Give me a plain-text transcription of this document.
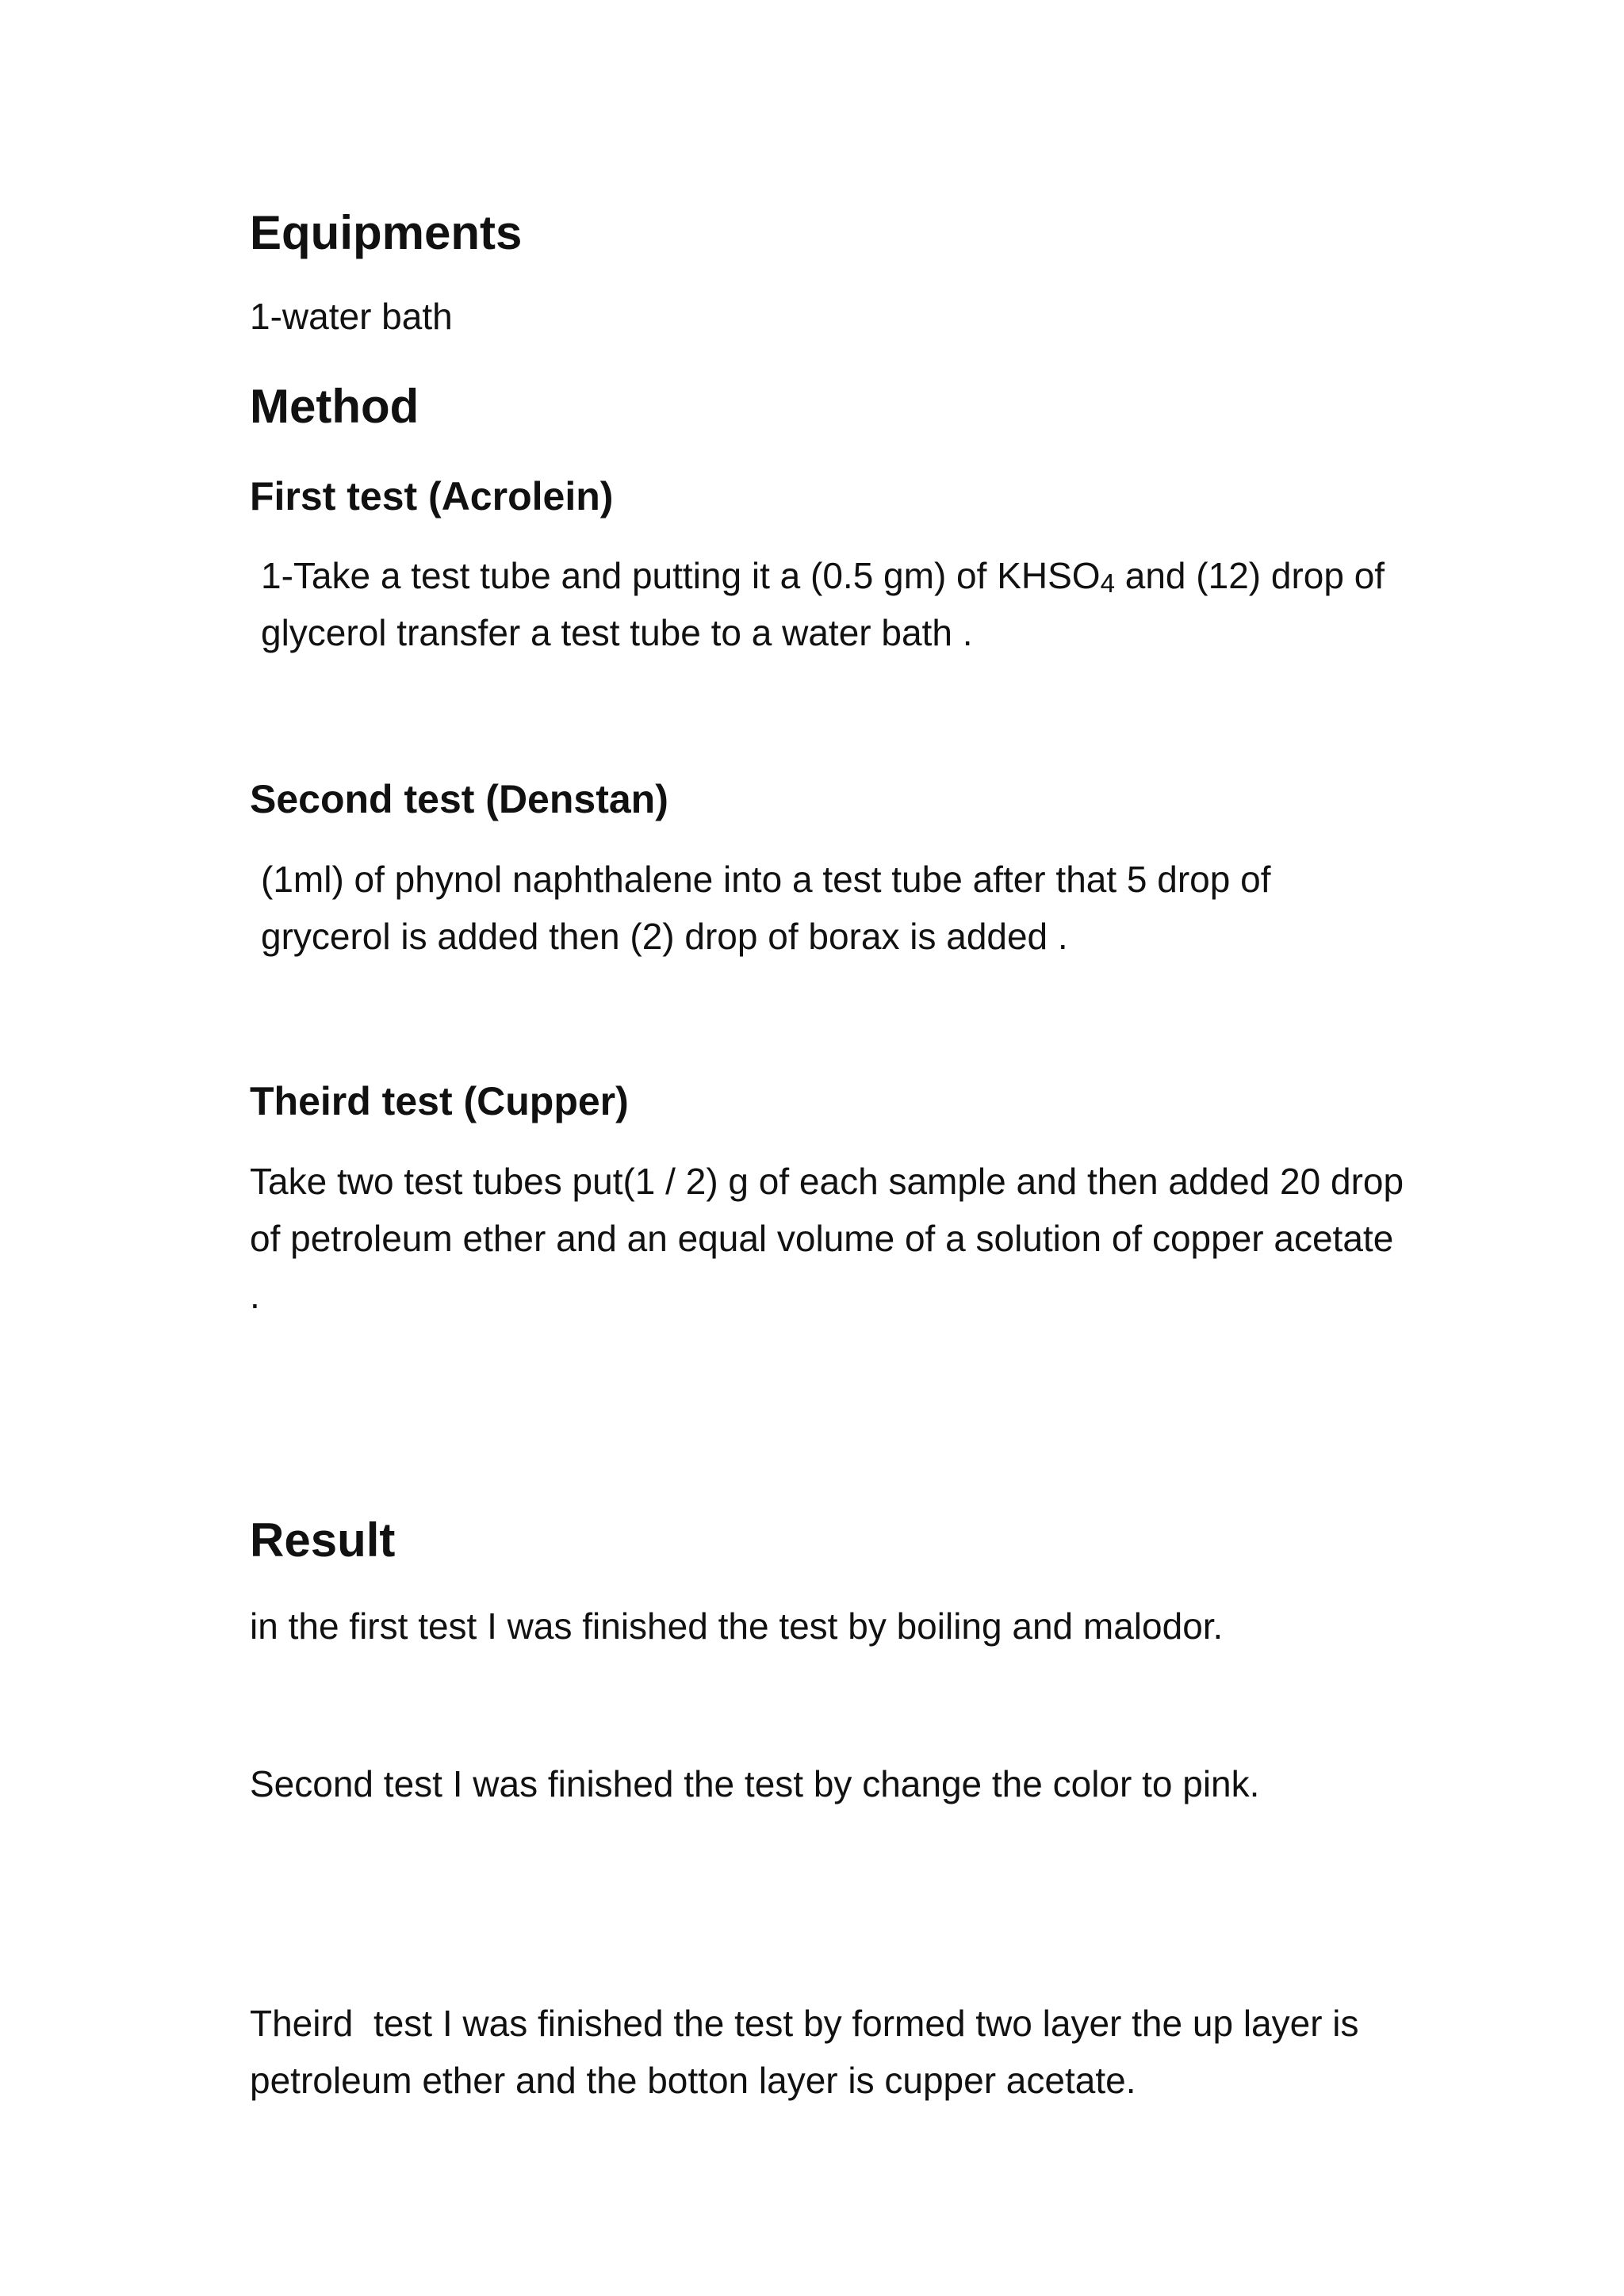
Equipments
1-water bath
Method
First test (Acrolein)
1-Take a test tube and putting it a (0.5 gm) of KHSO4 and (12) drop of glycerol transfer a test tube to a water bath .
Second test (Denstan)
(1ml) of phynol naphthalene into a test tube after that 5 drop of grycerol is added then (2) drop of borax is added .
Theird test (Cupper)
Take two test tubes put(1 / 2) g of each sample and then added 20 drop of petroleum ether and an equal volume of a solution of copper acetate .
Result
in the first test I was finished the test by boiling and malodor.
Second test I was finished the test by change the color to pink.
Theird  test I was finished the test by formed two layer the up layer is petroleum ether and the botton layer is cupper acetate.
